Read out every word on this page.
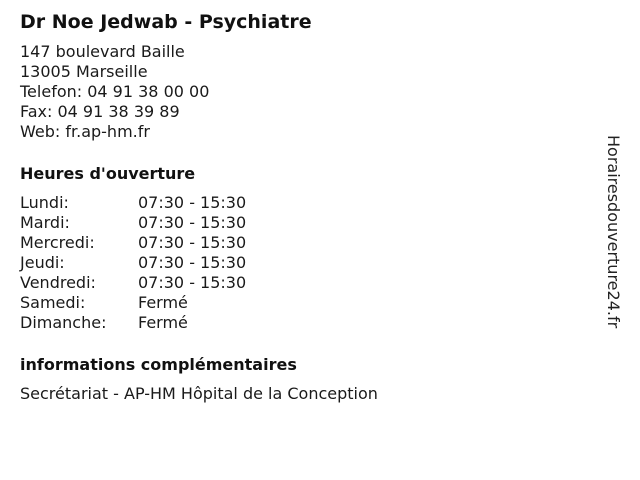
Dr Noe Jedwab - Psychiatre
147 boulevard Baille
13005 Marseille
Telefon: 04 91 38 00 00
Fax: 04 91 38 39 89
Web: fr.ap-hm.fr
Heures d'ouverture
Lundi:	07:30 - 15:30
Mardi:	07:30 - 15:30
Mercredi:	07:30 - 15:30
Jeudi:	07:30 - 15:30
Vendredi:	07:30 - 15:30
Samedi:	Fermé
Dimanche:	Fermé
informations complémentaires
Secrétariat - AP-HM Hôpital de la Conception
Horairesdouverture24.fr
